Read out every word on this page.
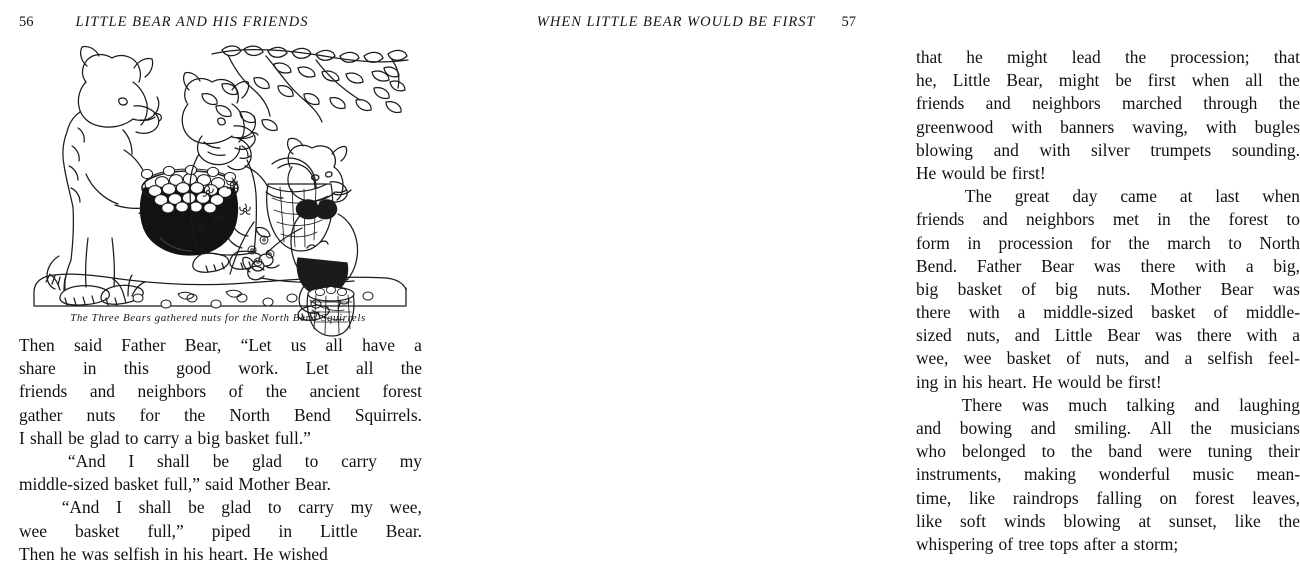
56	LITTLE BEAR AND HIS FRIENDS
The Three Bears gathered nuts for the North Bend Squirrels
Then said Father Bear, “Let us all have a
share in this good work. Let all the
friends and neighbors of the ancient forest
gather nuts for the North Bend Squirrels.
I shall be glad to carry a big basket full.”
“And I shall be glad to carry my
middle-sized basket full,” said Mother Bear.
“And I shall be glad to carry my wee,
wee basket full,” piped in Little Bear.
Then he was selfish in his heart. He wished
WHEN LITTLE BEAR WOULD BE FIRST 57
that he might lead the procession; that
he, Little Bear, might be first when all the
friends and neighbors marched through the
greenwood with banners waving, with bugles
blowing and with silver trumpets sounding.
He would be first!
The great day came at last when
friends and neighbors met in the forest to
form in procession for the march to North
Bend. Father Bear was there with a big,
big basket of big nuts. Mother Bear was
there with a middle-sized basket of middle-
sized nuts, and Little Bear was there with a
wee, wee basket of nuts, and a selfish feel-
ing in his heart. He would be first!
There was much talking and laughing
and bowing and smiling. All the musicians
who belonged to the band were tuning their
instruments, making wonderful music mean-
time, like raindrops falling on forest leaves,
like soft winds blowing at sunset, like the
whispering of tree tops after a storm;
